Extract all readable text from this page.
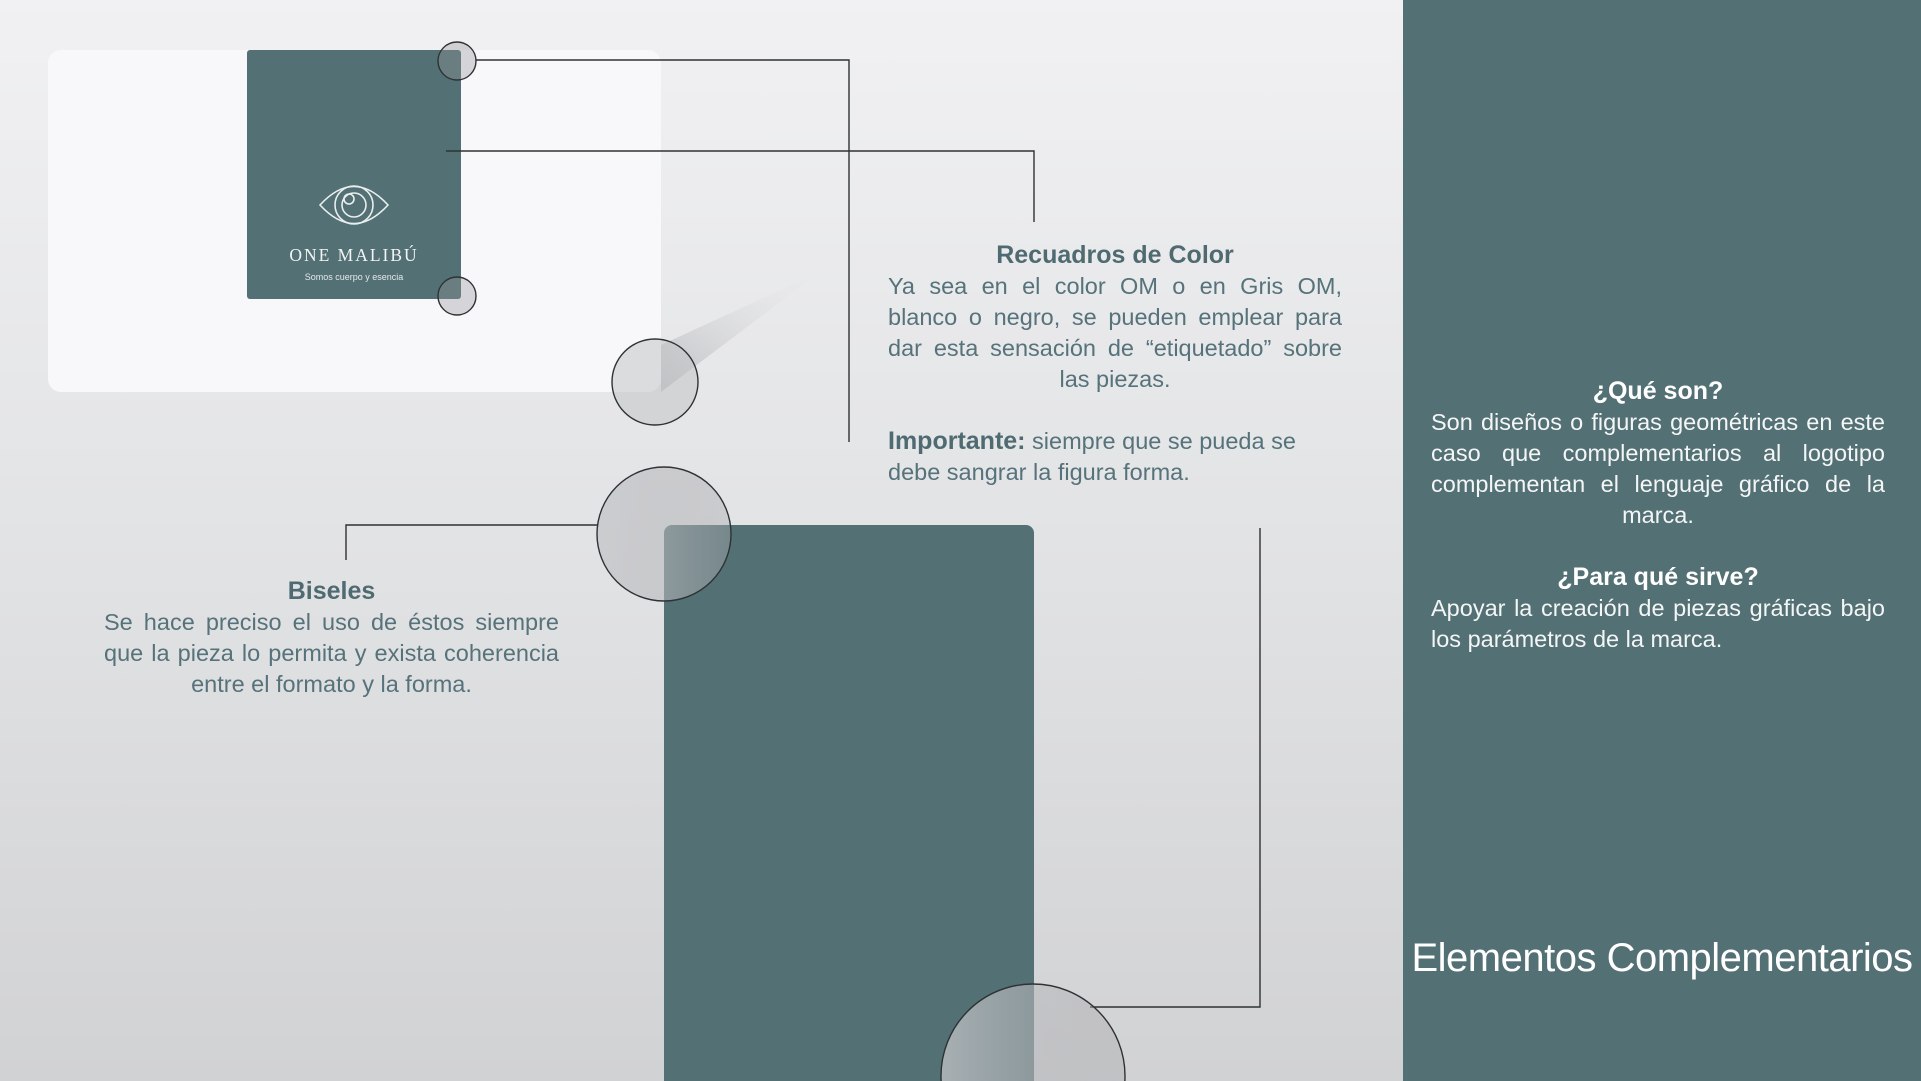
ONE MALIBÚ
Somos cuerpo y esencia
Recuadros de Color
Ya sea en el color OM o en Gris OM, blanco o negro, se pueden emplear para dar esta sensación de “etiquetado” sobre las piezas.
Importante: siempre que se pueda se debe sangrar la figura forma.
Biseles
Se hace preciso el uso de éstos siempre que la pieza lo permita y exista coherencia entre el formato y la forma.
¿Qué son?
Son diseños o figuras geométricas en este caso que complementarios al logotipo complementan el lenguaje gráfico de la marca.
¿Para qué sirve?
Apoyar la creación de piezas gráficas bajo los parámetros de la marca.
Elementos Complementarios
